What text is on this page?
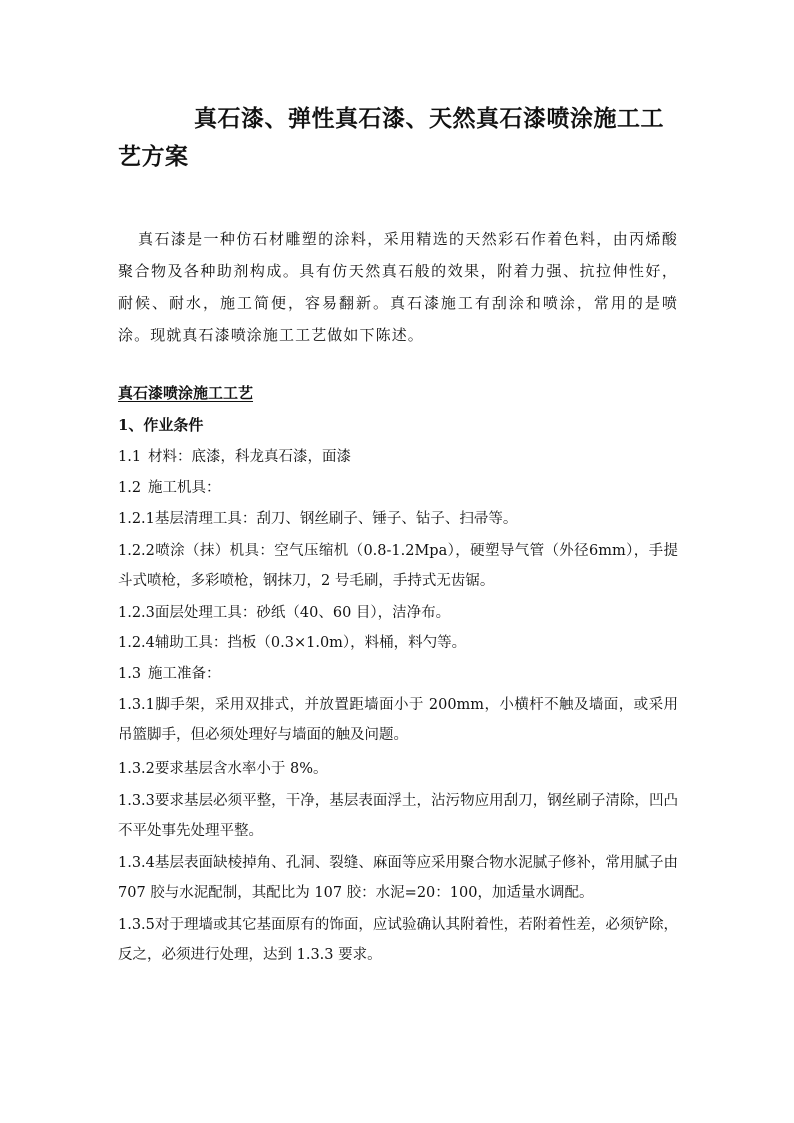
真石漆、弹性真石漆、天然真石漆喷涂施工工艺方案

真石漆是一种仿石材雕塑的涂料，采用精选的天然彩石作着色料，由丙烯酸聚合物及各种助剂构成。具有仿天然真石般的效果，附着力强、抗拉伸性好，耐候、耐水，施工简便，容易翻新。真石漆施工有刮涂和喷涂，常用的是喷涂。现就真石漆喷涂施工工艺做如下陈述。

真石漆喷涂施工工艺
1、作业条件
1.1 材料：底漆，科龙真石漆，面漆
1.2 施工机具：
1.2.1基层清理工具：刮刀、钢丝刷子、锤子、钻子、扫帚等。

1.2.2喷涂（抹）机具：空气压缩机（0.8-1.2Mpa），硬塑导气管（外径6mm），手提斗式喷枪，多彩喷枪，钢抹刀，2 号毛刷，手持式无齿锯。

1.2.3面层处理工具：砂纸（40、60 目），洁净布。
1.2.4辅助工具：挡板（0.3×1.0m），料桶，料勺等。
1.3 施工准备：

1.3.1脚手架，采用双排式，并放置距墙面小于 200mm，小横杆不触及墙面，或采用吊篮脚手，但必须处理好与墙面的触及问题。

1.3.2要求基层含水率小于 8%。

1.3.3要求基层必须平整，干净，基层表面浮土，沾污物应用刮刀，钢丝刷子清除，凹凸不平处事先处理平整。

1.3.4基层表面缺棱掉角、孔洞、裂缝、麻面等应采用聚合物水泥腻子修补，常用腻子由 707 胶与水泥配制，其配比为 107 胶：水泥=20：100，加适量水调配。

1.3.5对于理墙或其它基面原有的饰面，应试验确认其附着性，若附着性差，必须铲除，反之，必须进行处理，达到 1.3.3 要求。
